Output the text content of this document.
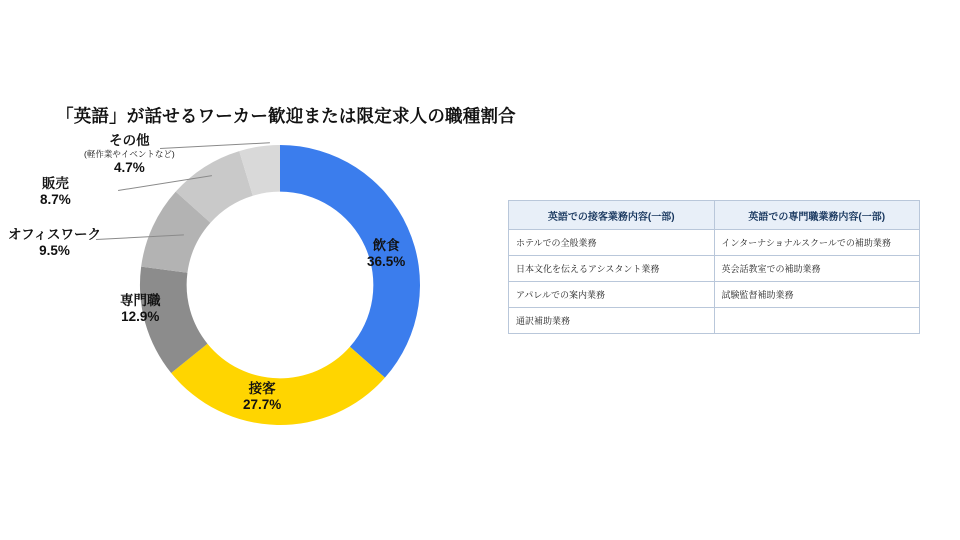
「英語」が話せるワーカー歓迎または限定求人の職種割合
その他
(軽作業やイベントなど)
4.7%
販売
8.7%
オフィスワーク
9.5%
専門職
12.9%
接客
27.7%
飲食
36.5%
英語での接客業務内容(一部)	英語での専門職業務内容(一部)
ホテルでの全般業務	インターナショナルスクールでの補助業務
日本文化を伝えるアシスタント業務	英会話教室での補助業務
アパレルでの案内業務	試験監督補助業務
通訳補助業務	
